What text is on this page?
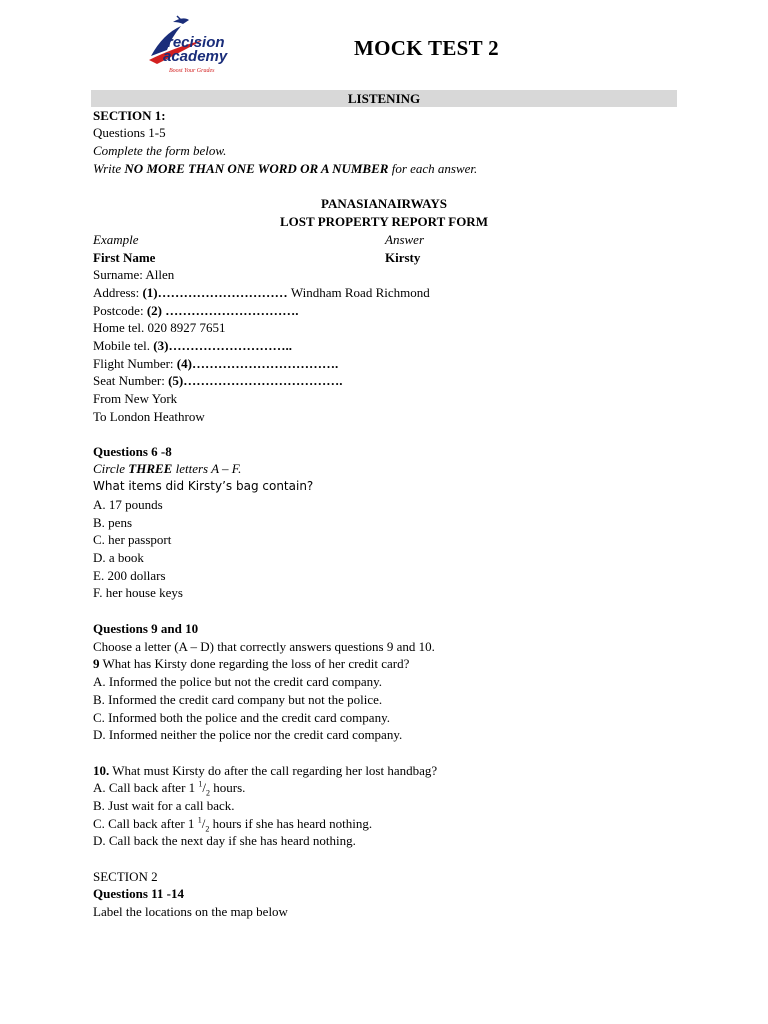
recision
academy
Boost Your Grades
MOCK TEST 2
LISTENING
SECTION 1:
Questions 1-5
Complete the form below.
Write NO MORE THAN ONE WORD OR A NUMBER for each answer.
PANASIANAIRWAYS
LOST PROPERTY REPORT FORM
Example	Answer
First Name	Kirsty
Surname: Allen
Address: (1)………………………… Windham Road Richmond
Postcode: (2) ………………………….
Home tel. 020 8927 7651
Mobile tel. (3)………………………..
Flight Number: (4)…………………………….
Seat Number: (5)……………………………….
From New York
To London Heathrow
Questions 6 -8
Circle THREE letters A – F.
What items did Kirsty’s bag contain?
A. 17 pounds
B. pens
C. her passport
D. a book
E. 200 dollars
F. her house keys
Questions 9 and 10
Choose a letter (A – D) that correctly answers questions 9 and 10.
9 What has Kirsty done regarding the loss of her credit card?
A. Informed the police but not the credit card company.
B. Informed the credit card company but not the police.
C. Informed both the police and the credit card company.
D. Informed neither the police nor the credit card company.
10. What must Kirsty do after the call regarding her lost handbag?
A. Call back after 1 $^1/_2$ hours.
B. Just wait for a call back.
C. Call back after 1 $^1/_2$ hours if she has heard nothing.
D. Call back the next day if she has heard nothing.
SECTION 2
Questions 11 -14
Label the locations on the map below
